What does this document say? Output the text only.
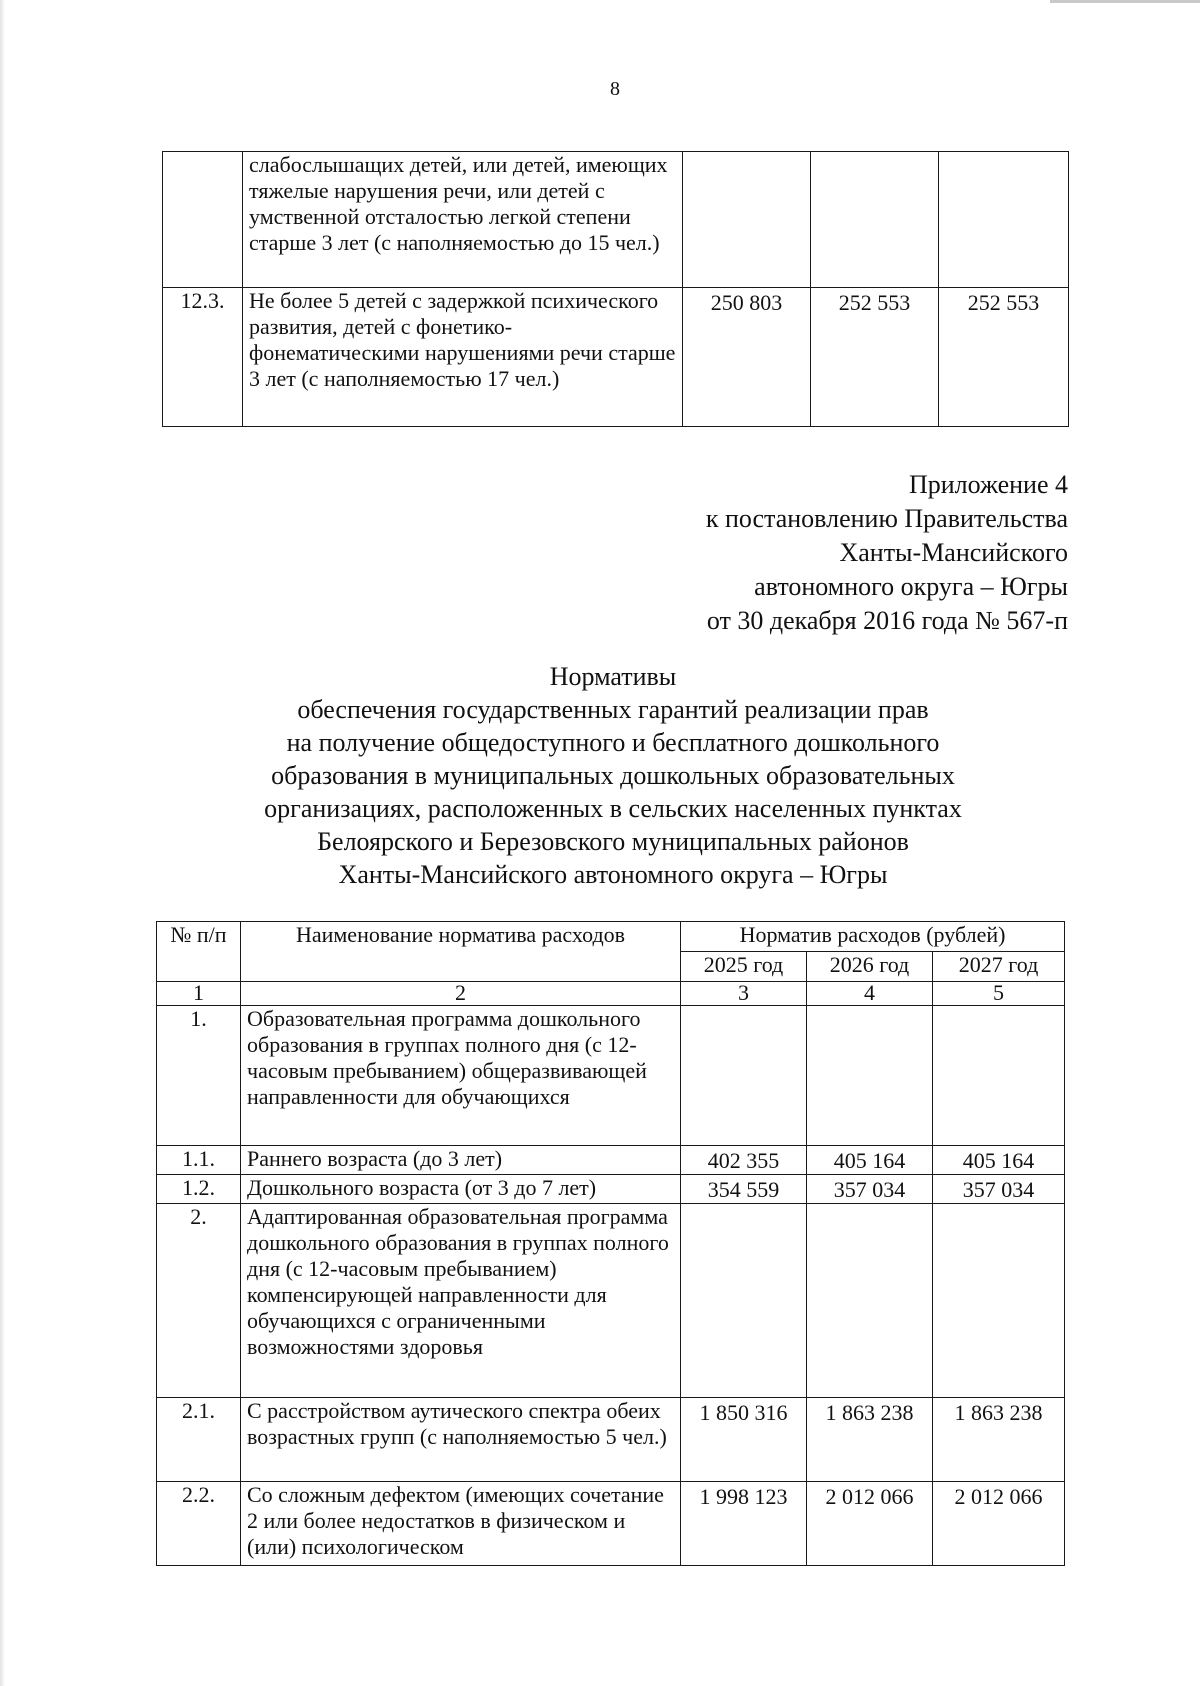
8
	слабослышащих детей, или детей, имеющих тяжелые нарушения речи, или детей с умственной отсталостью легкой степени старше 3 лет (с наполняемостью до 15 чел.)			
12.3.	Не более 5 детей с задержкой психического развития, детей с фонетико-фонематическими нарушениями речи старше 3 лет (с наполняемостью 17 чел.)	250 803	252 553	252 553
Приложение 4
к постановлению Правительства
Ханты-Мансийского
автономного округа – Югры
от 30 декабря 2016 года № 567-п
Нормативы
обеспечения государственных гарантий реализации прав
на получение общедоступного и бесплатного дошкольного
образования в муниципальных дошкольных образовательных
организациях, расположенных в сельских населенных пунктах
Белоярского и Березовского муниципальных районов
Ханты-Мансийского автономного округа – Югры
№ п/п	Наименование норматива расходов	Норматив расходов (рублей)		
		2025 год	2026 год	2027 год
1	2	3	4	5
1.	Образовательная программа дошкольного образования в группах полного дня (с 12-часовым пребыванием) общеразвивающей направленности для обучающихся			
1.1.	Раннего возраста (до 3 лет)	402 355	405 164	405 164
1.2.	Дошкольного возраста (от 3 до 7 лет)	354 559	357 034	357 034
2.	Адаптированная образовательная программа дошкольного образования в группах полного дня (с 12-часовым пребыванием) компенсирующей направленности для обучающихся с ограниченными возможностями здоровья			
2.1.	С расстройством аутического спектра обеих возрастных групп (с наполняемостью 5 чел.)	1 850 316	1 863 238	1 863 238
2.2.	Со сложным дефектом (имеющих сочетание 2 или более недостатков в физическом и (или) психологическом	1 998 123	2 012 066	2 012 066
